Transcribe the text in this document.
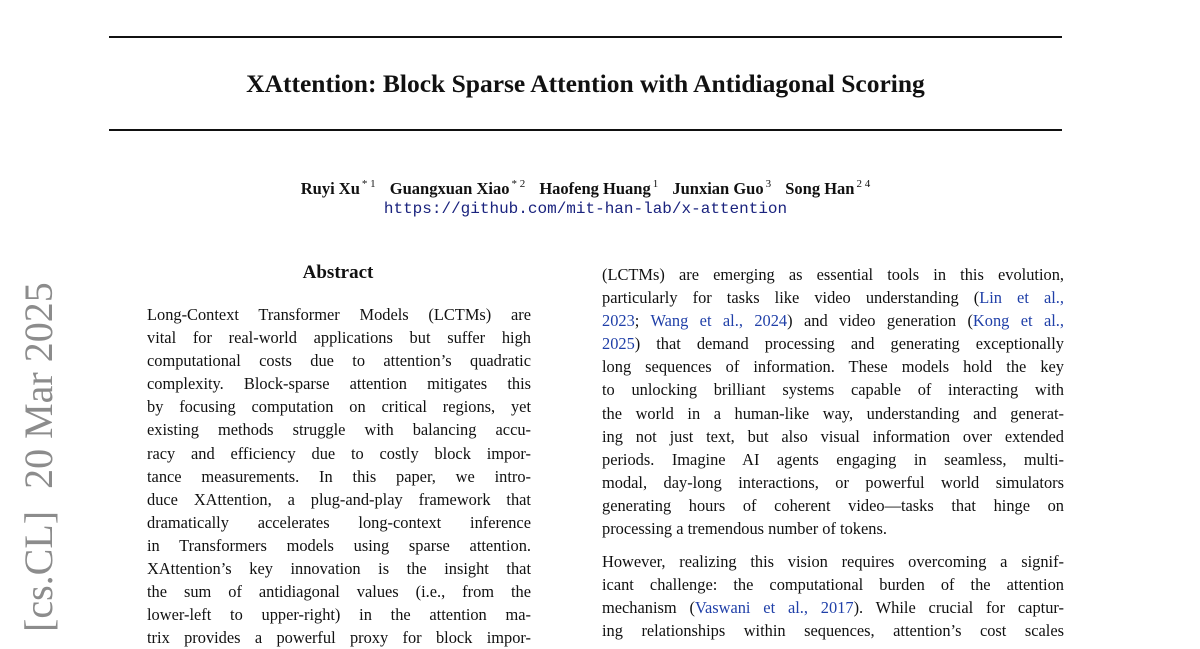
XAttention: Block Sparse Attention with Antidiagonal Scoring
Ruyi Xu $^{* 1}$ Guangxuan Xiao $^{* 2}$ Haofeng Huang $^1$ Junxian Guo $^3$ Song Han $^{2 4}$
https://github.com/mit-han-lab/x-attention
[cs.CL]20 Mar 2025
Abstract
Long-Context Transformer Models (LCTMs) are
vital for real-world applications but suffer high
computational costs due to attention’s quadratic
complexity. Block-sparse attention mitigates this
by focusing computation on critical regions, yet
existing methods struggle with balancing accu-
racy and efficiency due to costly block impor-
tance measurements. In this paper, we intro-
duce XAttention, a plug-and-play framework that
dramatically accelerates long-context inference
in Transformers models using sparse attention.
XAttention’s key innovation is the insight that
the sum of antidiagonal values (i.e., from the
lower-left to upper-right) in the attention ma-
trix provides a powerful proxy for block impor-
(LCTMs) are emerging as essential tools in this evolution,
particularly for tasks like video understanding (Lin et al.,
2023; Wang et al., 2024) and video generation (Kong et al.,
2025) that demand processing and generating exceptionally
long sequences of information. These models hold the key
to unlocking brilliant systems capable of interacting with
the world in a human-like way, understanding and generat-
ing not just text, but also visual information over extended
periods. Imagine AI agents engaging in seamless, multi-
modal, day-long interactions, or powerful world simulators
generating hours of coherent video—tasks that hinge on
processing a tremendous number of tokens.
However, realizing this vision requires overcoming a signif-
icant challenge: the computational burden of the attention
mechanism (Vaswani et al., 2017). While crucial for captur-
ing relationships within sequences, attention’s cost scales
